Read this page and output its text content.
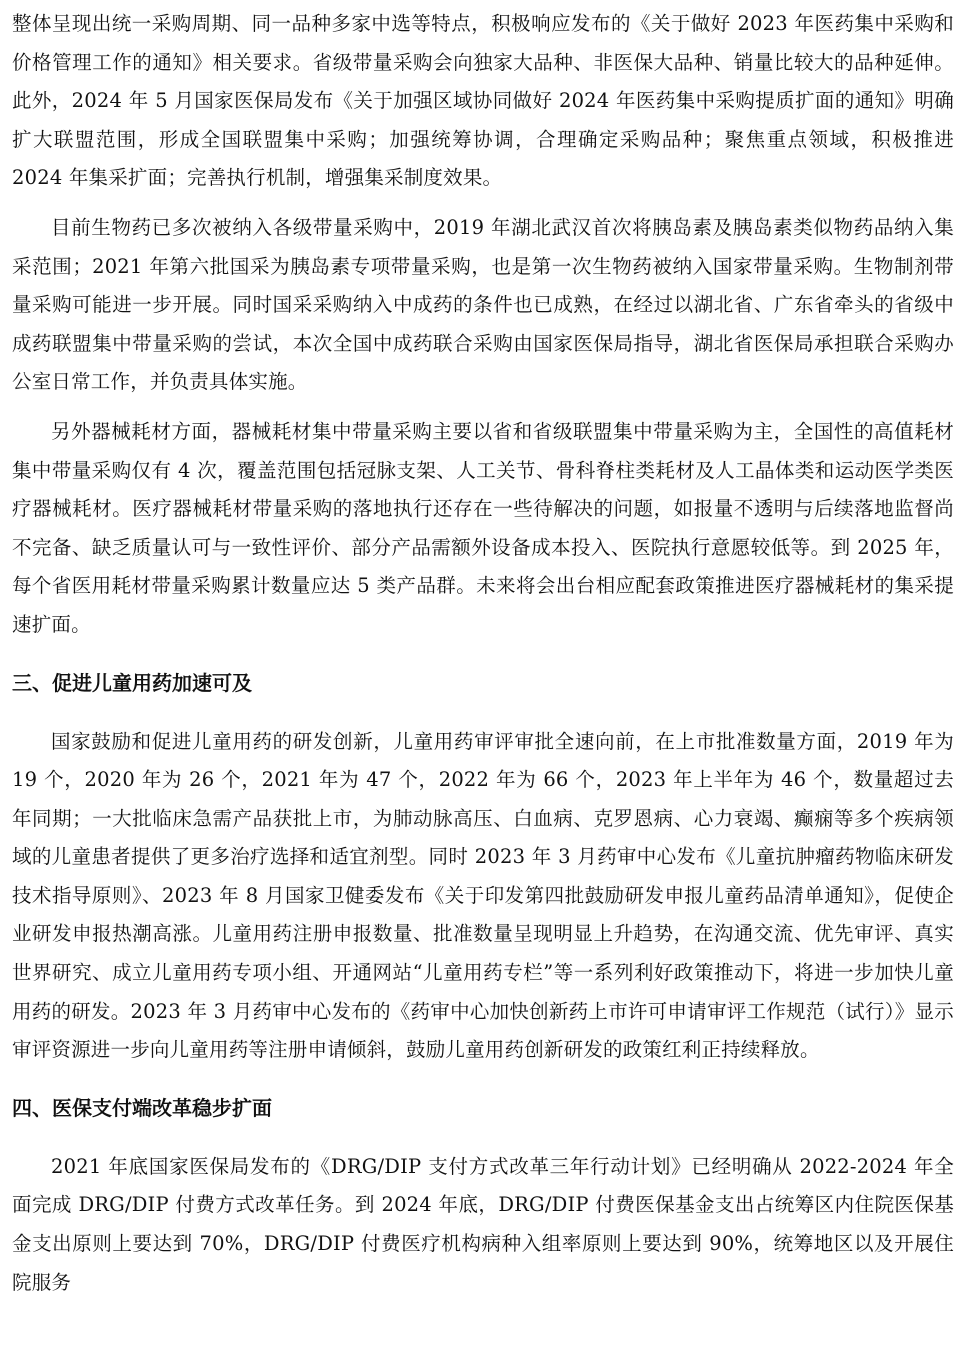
整体呈现出统一采购周期、同一品种多家中选等特点，积极响应发布的《关于做好 2023 年医药集中采购和价格管理工作的通知》相关要求。省级带量采购会向独家大品种、非医保大品种、销量比较大的品种延伸。此外，2024 年 5 月国家医保局发布《关于加强区域协同做好 2024 年医药集中采购提质扩面的通知》明确扩大联盟范围，形成全国联盟集中采购；加强统筹协调，合理确定采购品种；聚焦重点领域，积极推进 2024 年集采扩面；完善执行机制，增强集采制度效果。

目前生物药已多次被纳入各级带量采购中，2019 年湖北武汉首次将胰岛素及胰岛素类似物药品纳入集采范围；2021 年第六批国采为胰岛素专项带量采购，也是第一次生物药被纳入国家带量采购。生物制剂带量采购可能进一步开展。同时国采采购纳入中成药的条件也已成熟，在经过以湖北省、广东省牵头的省级中成药联盟集中带量采购的尝试，本次全国中成药联合采购由国家医保局指导，湖北省医保局承担联合采购办公室日常工作，并负责具体实施。

另外器械耗材方面，器械耗材集中带量采购主要以省和省级联盟集中带量采购为主，全国性的高值耗材集中带量采购仅有 4 次，覆盖范围包括冠脉支架、人工关节、骨科脊柱类耗材及人工晶体类和运动医学类医疗器械耗材。医疗器械耗材带量采购的落地执行还存在一些待解决的问题，如报量不透明与后续落地监督尚不完备、缺乏质量认可与一致性评价、部分产品需额外设备成本投入、医院执行意愿较低等。到 2025 年，每个省医用耗材带量采购累计数量应达 5 类产品群。未来将会出台相应配套政策推进医疗器械耗材的集采提速扩面。

三、促进儿童用药加速可及

国家鼓励和促进儿童用药的研发创新，儿童用药审评审批全速向前，在上市批准数量方面，2019 年为 19 个，2020 年为 26 个，2021 年为 47 个，2022 年为 66 个，2023 年上半年为 46 个，数量超过去年同期；一大批临床急需产品获批上市，为肺动脉高压、白血病、克罗恩病、心力衰竭、癫痫等多个疾病领域的儿童患者提供了更多治疗选择和适宜剂型。同时 2023 年 3 月药审中心发布《儿童抗肿瘤药物临床研发技术指导原则》、2023 年 8 月国家卫健委发布《关于印发第四批鼓励研发申报儿童药品清单通知》，促使企业研发申报热潮高涨。儿童用药注册申报数量、批准数量呈现明显上升趋势，在沟通交流、优先审评、真实世界研究、成立儿童用药专项小组、开通网站“儿童用药专栏”等一系列利好政策推动下，将进一步加快儿童用药的研发。2023 年 3 月药审中心发布的《药审中心加快创新药上市许可申请审评工作规范（试行）》显示审评资源进一步向儿童用药等注册申请倾斜，鼓励儿童用药创新研发的政策红利正持续释放。

四、医保支付端改革稳步扩面

2021 年底国家医保局发布的《DRG/DIP 支付方式改革三年行动计划》已经明确从 2022-2024 年全面完成 DRG/DIP 付费方式改革任务。到 2024 年底，DRG/DIP 付费医保基金支出占统筹区内住院医保基金支出原则上要达到 70%，DRG/DIP 付费医疗机构病种入组率原则上要达到 90%，统筹地区以及开展住院服务
